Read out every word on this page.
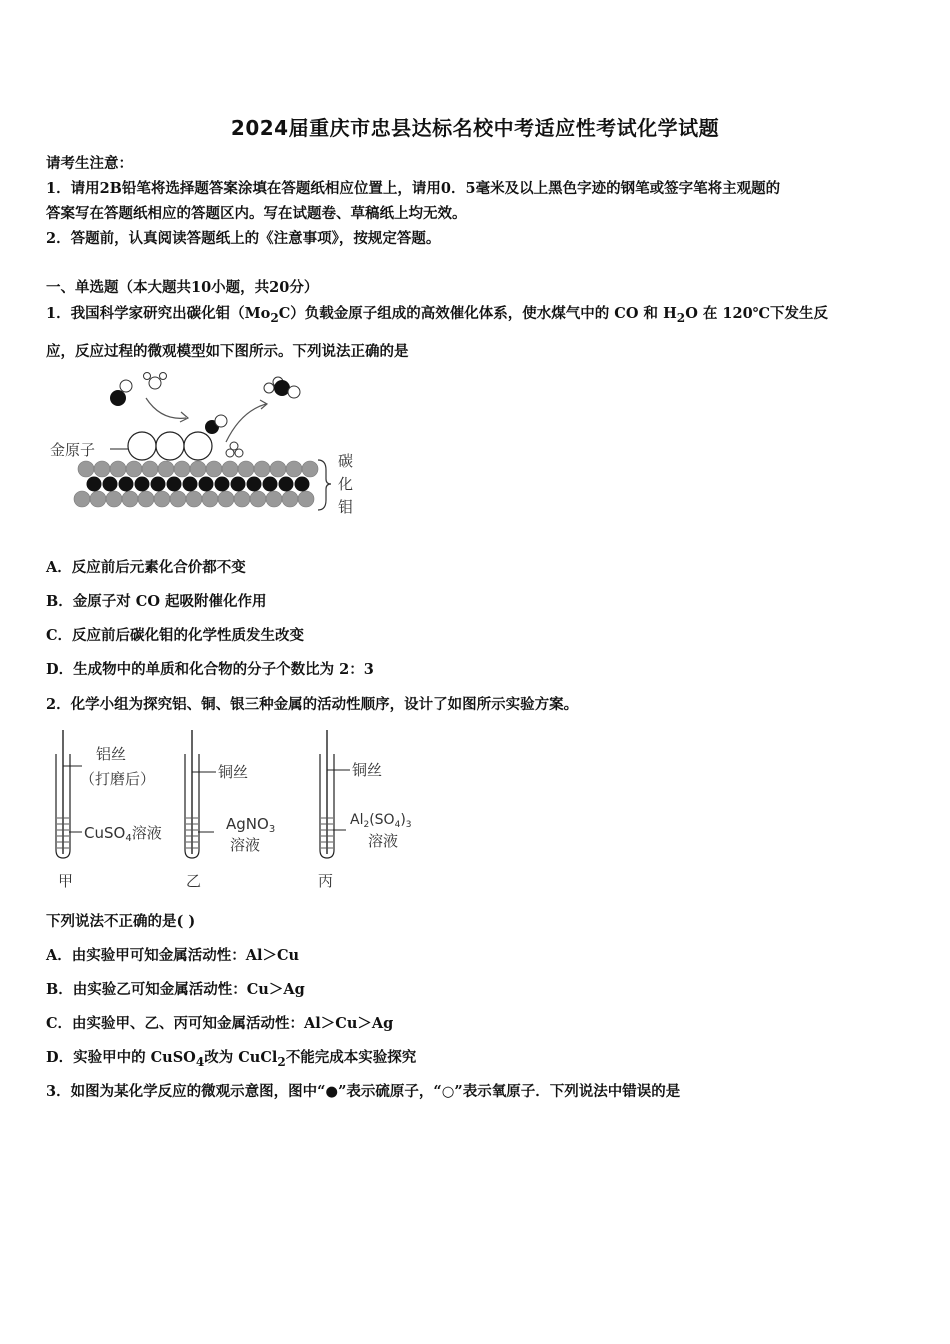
2024届重庆市忠县达标名校中考适应性考试化学试题
请考生注意：
1．请用2B铅笔将选择题答案涂填在答题纸相应位置上，请用0．5毫米及以上黑色字迹的钢笔或签字笔将主观题的
答案写在答题纸相应的答题区内。写在试题卷、草稿纸上均无效。
2．答题前，认真阅读答题纸上的《注意事项》，按规定答题。
一、单选题（本大题共10小题，共20分）
1．我国科学家研究出碳化钼$(Mo_2C)$负载金原子组成的高效催化体系，使水煤气中的 CO 和 $H_2O$ 在 120℃下发生反
应，反应过程的微观模型如下图所示。下列说法正确的是
金原子
碳
化
钼
A．反应前后元素化合价都不变
B．金原子对 CO 起吸附催化作用
C．反应前后碳化钼的化学性质发生改变
D．生成物中的单质和化合物的分子个数比为 2：3
2．化学小组为探究铝、铜、银三种金属的活动性顺序，设计了如图所示实验方案。
铝丝
（打磨后）
CuSO$_4$溶液
甲
铜丝
AgNO$_3$
溶液
乙
铜丝
$Al_2(SO_4)_3$
溶液
丙
下列说法不正确的是( )
A．由实验甲可知金属活动性：Al＞Cu
B．由实验乙可知金属活动性：Cu＞Ag
C．由实验甲、乙、丙可知金属活动性：Al＞Cu＞Ag
D．实验甲中的 CuSO$_4$改为 CuCl$_2$不能完成本实验探究
3．如图为某化学反应的微观示意图，图中“●”表示硫原子，“○”表示氧原子．下列说法中错误的是
